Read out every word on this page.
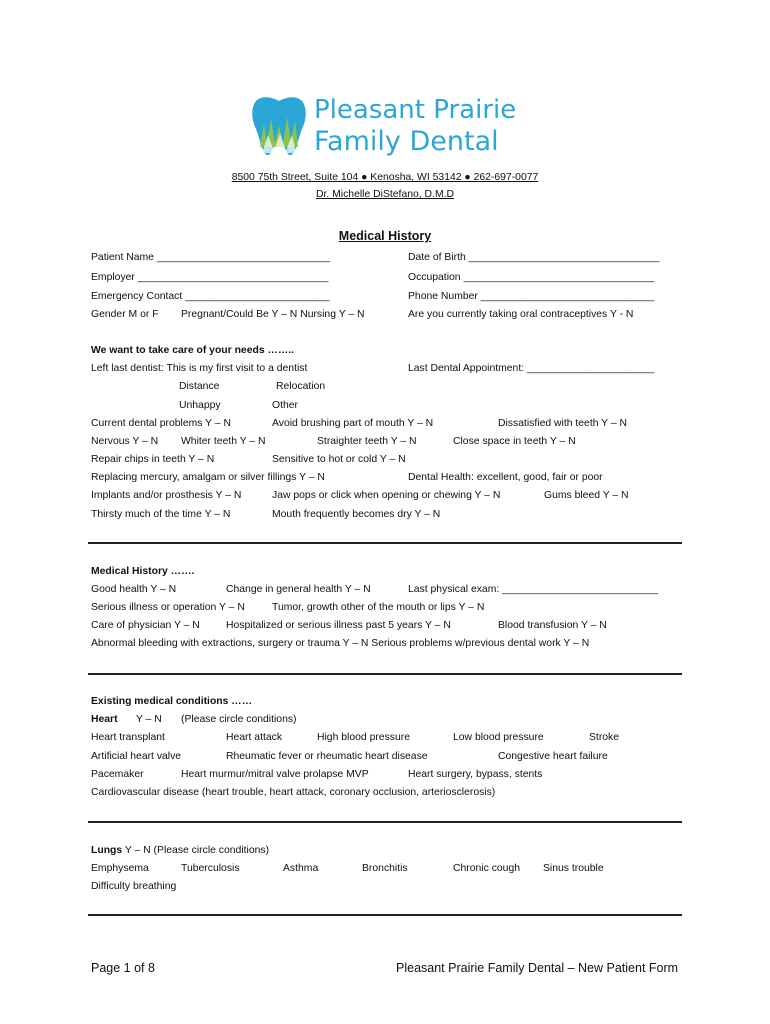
Pleasant Prairie
Family Dental
8500 75th Street, Suite 104 ● Kenosha, WI 53142 ● 262-697-0077
Dr. Michelle DiStefano, D.M.D
Medical History
Patient Name ______________________________	Date of Birth _________________________________
Employer _________________________________	Occupation _________________________________
Emergency Contact _________________________	Phone Number ______________________________
Gender M or F Pregnant/Could Be Y – N Nursing Y – N	Are you currently taking oral contraceptives Y - N
We want to take care of your needs ……..
Left last dentist: This is my first visit to a dentist	Last Dental Appointment: ______________________
Distance	Relocation
Unhappy	Other
Current dental problems Y – N	Avoid brushing part of mouth Y – N	Dissatisfied with teeth Y – N
Nervous Y – N Whiter teeth Y – N	Straighter teeth Y – N	Close space in teeth Y – N
Repair chips in teeth Y – N	Sensitive to hot or cold Y – N
Replacing mercury, amalgam or silver fillings Y – N	Dental Health: excellent, good, fair or poor
Implants and/or prosthesis Y – N	Jaw pops or click when opening or chewing Y – N	Gums bleed Y – N
Thirsty much of the time Y – N	Mouth frequently becomes dry Y – N
Medical History …….
Good health Y – N	Change in general health Y – N	Last physical exam: ___________________________
Serious illness or operation Y – N	Tumor, growth other of the mouth or lips Y – N
Care of physician Y – N	Hospitalized or serious illness past 5 years Y – N	Blood transfusion Y – N
Abnormal bleeding with extractions, surgery or trauma Y – N Serious problems w/previous dental work Y – N
Existing medical conditions ……
Heart Y – N (Please circle conditions)
Heart transplant	Heart attack	High blood pressure	Low blood pressure	Stroke
Artificial heart valve	Rheumatic fever or rheumatic heart disease	Congestive heart failure
Pacemaker	Heart murmur/mitral valve prolapse MVP	Heart surgery, bypass, stents
Cardiovascular disease (heart trouble, heart attack, coronary occlusion, arteriosclerosis)
Lungs Y – N (Please circle conditions)
Emphysema	Tuberculosis	Asthma	Bronchitis	Chronic cough Sinus trouble
Difficulty breathing
Page 1 of 8	Pleasant Prairie Family Dental – New Patient Form
